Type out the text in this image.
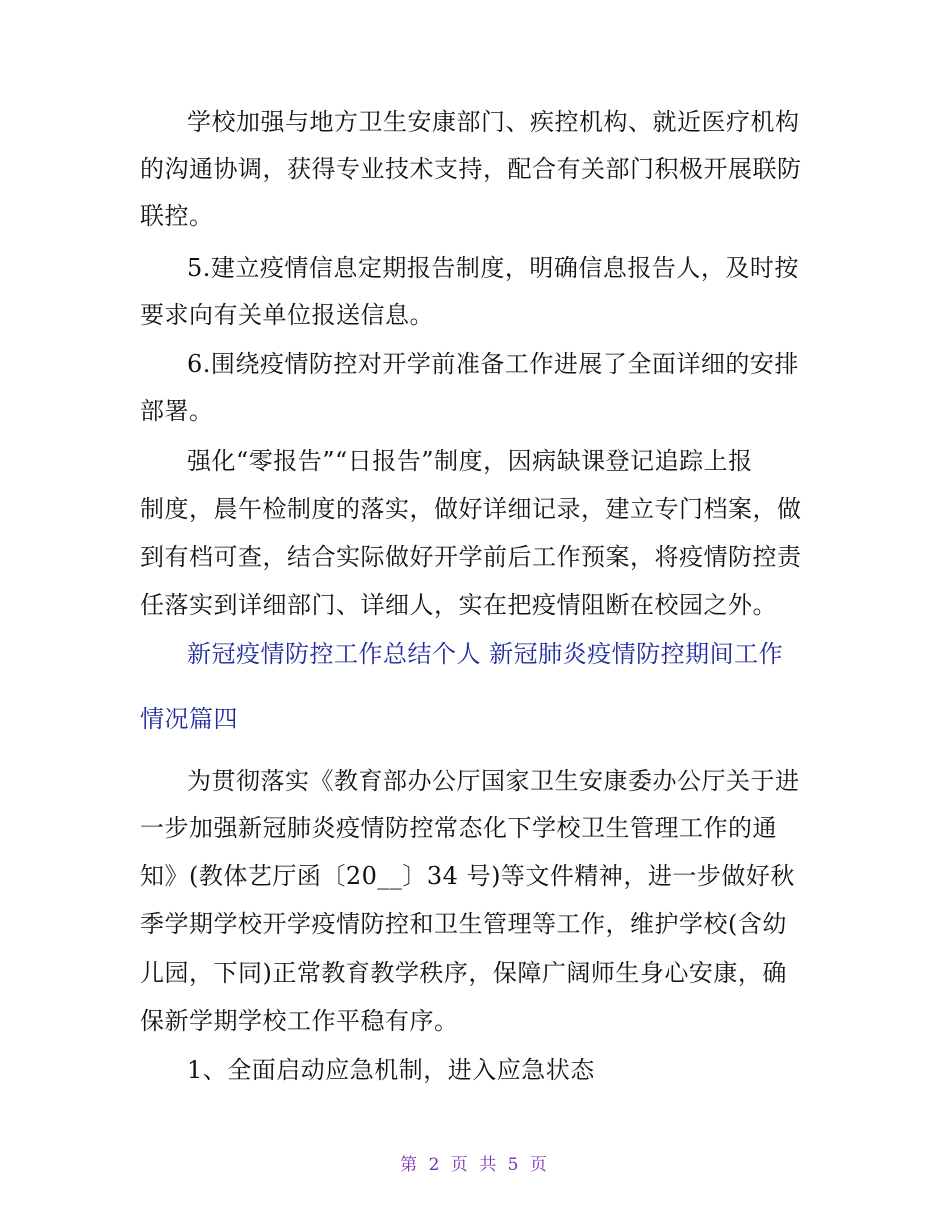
学校加强与地方卫生安康部门、疾控机构、就近医疗机构
的沟通协调，获得专业技术支持，配合有关部门积极开展联防
联控。
5.建立疫情信息定期报告制度，明确信息报告人，及时按
要求向有关单位报送信息。
6.围绕疫情防控对开学前准备工作进展了全面详细的安排
部署。
强化“零报告”“日报告”制度，因病缺课登记追踪上报
制度，晨午检制度的落实，做好详细记录，建立专门档案，做
到有档可查，结合实际做好开学前后工作预案，将疫情防控责
任落实到详细部门、详细人，实在把疫情阻断在校园之外。
新冠疫情防控工作总结个人 新冠肺炎疫情防控期间工作
情况篇四
为贯彻落实《教育部办公厅国家卫生安康委办公厅关于进
一步加强新冠肺炎疫情防控常态化下学校卫生管理工作的通
知》(教体艺厅函〔20__〕34 号)等文件精神，进一步做好秋
季学期学校开学疫情防控和卫生管理等工作，维护学校(含幼
儿园，下同)正常教育教学秩序，保障广阔师生身心安康，确
保新学期学校工作平稳有序。
1、全面启动应急机制，进入应急状态
第 2 页 共 5 页
